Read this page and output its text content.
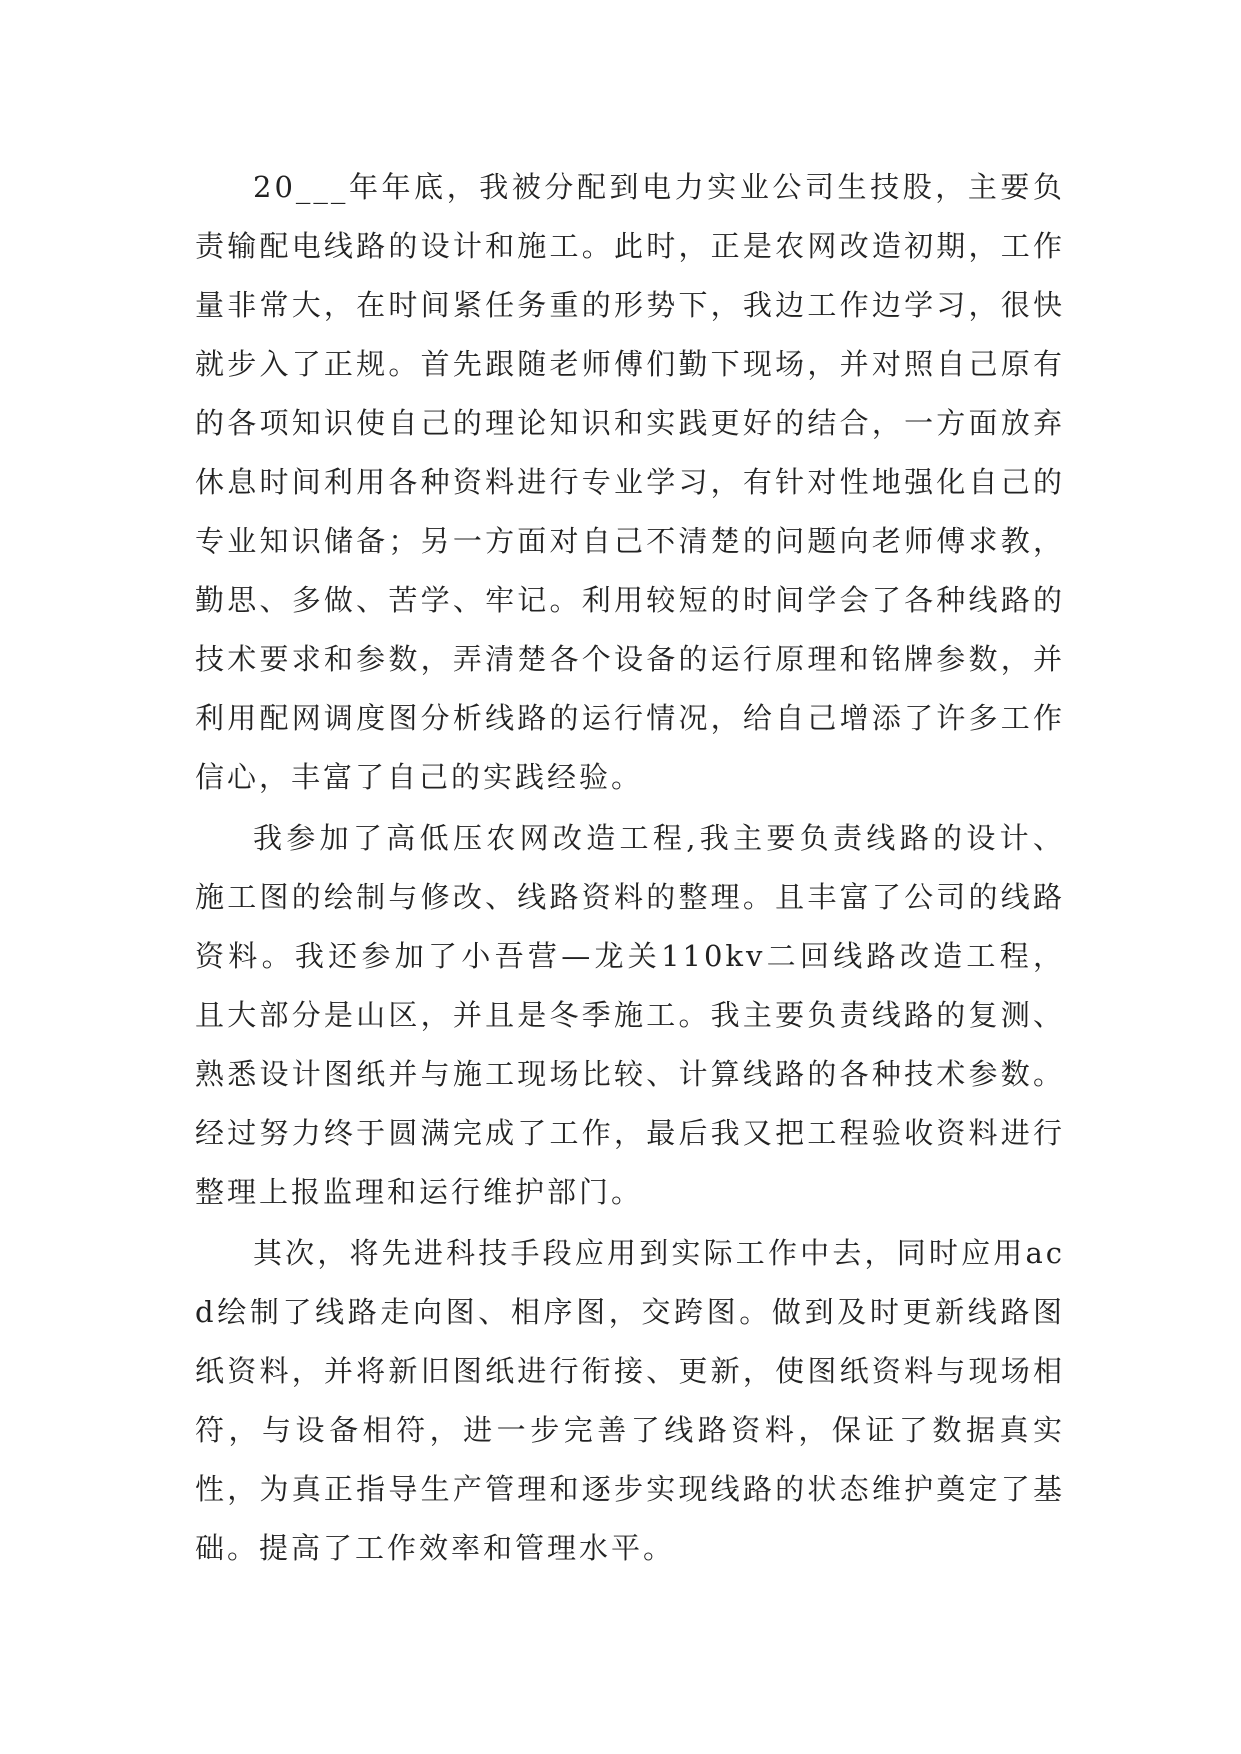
20___年年底，我被分配到电力实业公司生技股，主要负责输配电线路的设计和施工。此时，正是农网改造初期，工作量非常大，在时间紧任务重的形势下，我边工作边学习，很快就步入了正规。首先跟随老师傅们勤下现场，并对照自己原有的各项知识使自己的理论知识和实践更好的结合，一方面放弃休息时间利用各种资料进行专业学习，有针对性地强化自己的专业知识储备；另一方面对自己不清楚的问题向老师傅求教，勤思、多做、苦学、牢记。利用较短的时间学会了各种线路的技术要求和参数，弄清楚各个设备的运行原理和铭牌参数，并利用配网调度图分析线路的运行情况，给自己增添了许多工作信心，丰富了自己的实践经验。

我参加了高低压农网改造工程,我主要负责线路的设计、施工图的绘制与修改、线路资料的整理。且丰富了公司的线路资料。我还参加了小吾营—龙关110kv二回线路改造工程，且大部分是山区，并且是冬季施工。我主要负责线路的复测、熟悉设计图纸并与施工现场比较、计算线路的各种技术参数。经过努力终于圆满完成了工作，最后我又把工程验收资料进行整理上报监理和运行维护部门。

其次，将先进科技手段应用到实际工作中去，同时应用acd绘制了线路走向图、相序图，交跨图。做到及时更新线路图纸资料，并将新旧图纸进行衔接、更新，使图纸资料与现场相符，与设备相符，进一步完善了线路资料，保证了数据真实性，为真正指导生产管理和逐步实现线路的状态维护奠定了基础。提高了工作效率和管理水平。
